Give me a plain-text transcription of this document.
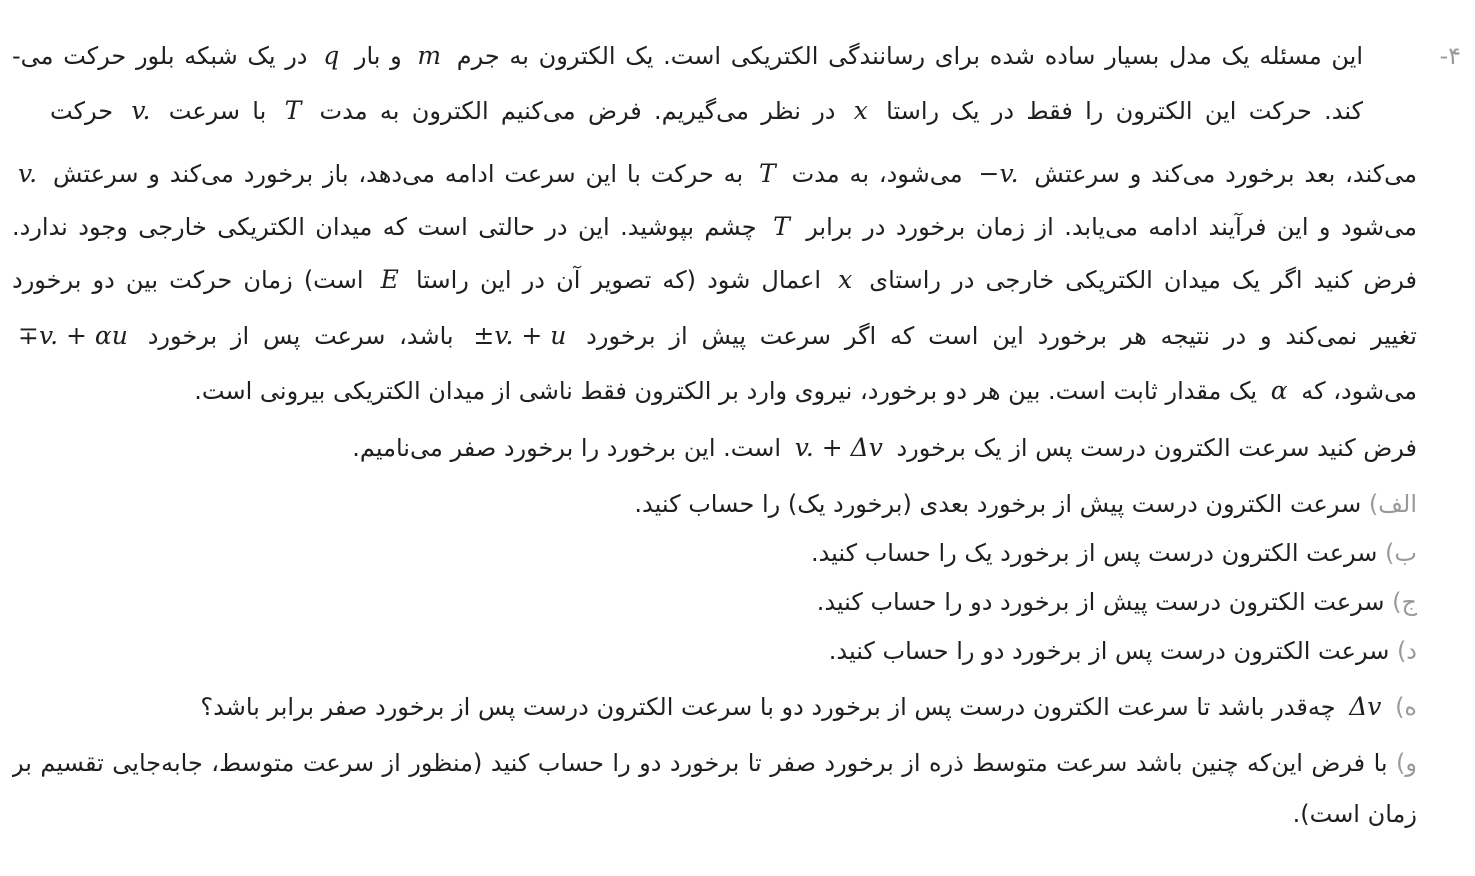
۴-
این مسئله یک مدل بسیار ساده شده برای رسانندگی الکتریکی است. یک الکترون به جرم m و بار q در یک شبکه بلور حرکت می-
کند. حرکت این الکترون را فقط در یک راستا x در نظر می‌گیریم. فرض می‌کنیم الکترون به مدت T با سرعت v. حرکت
می‌کند، بعد برخورد می‌کند و سرعتش −v. می‌شود، به مدت T به حرکت با این سرعت ادامه می‌دهد، باز برخورد می‌کند و سرعتش v.
می‌شود و این فرآیند ادامه می‌یابد. از زمان برخورد در برابر T چشم بپوشید. این در حالتی است که میدان الکتریکی خارجی وجود ندارد.
فرض کنید اگر یک میدان الکتریکی خارجی در راستای x اعمال شود (که تصویر آن در این راستا E است) زمان حرکت بین دو برخورد
تغییر نمی‌کند و در نتیجه هر برخورد این است که اگر سرعت پیش از برخورد ±v. + u باشد، سرعت پس از برخورد ∓v. + αu
می‌شود، که α یک مقدار ثابت است. بین هر دو برخورد، نیروی وارد بر الکترون فقط ناشی از میدان الکتریکی بیرونی است.
فرض کنید سرعت الکترون درست پس از یک برخورد v. + Δv است. این برخورد را برخورد صفر می‌نامیم.
الف) سرعت الکترون درست پیش از برخورد بعدی (برخورد یک) را حساب کنید.
ب) سرعت الکترون درست پس از برخورد یک را حساب کنید.
ج) سرعت الکترون درست پیش از برخورد دو را حساب کنید.
د) سرعت الکترون درست پس از برخورد دو را حساب کنید.
ه) Δv چه‌قدر باشد تا سرعت الکترون درست پس از برخورد دو با سرعت الکترون درست پس از برخورد صفر برابر باشد؟
و) با فرض این‌که چنین باشد سرعت متوسط ذره از برخورد صفر تا برخورد دو را حساب کنید (منظور از سرعت متوسط، جابه‌جایی تقسیم بر
زمان است).
